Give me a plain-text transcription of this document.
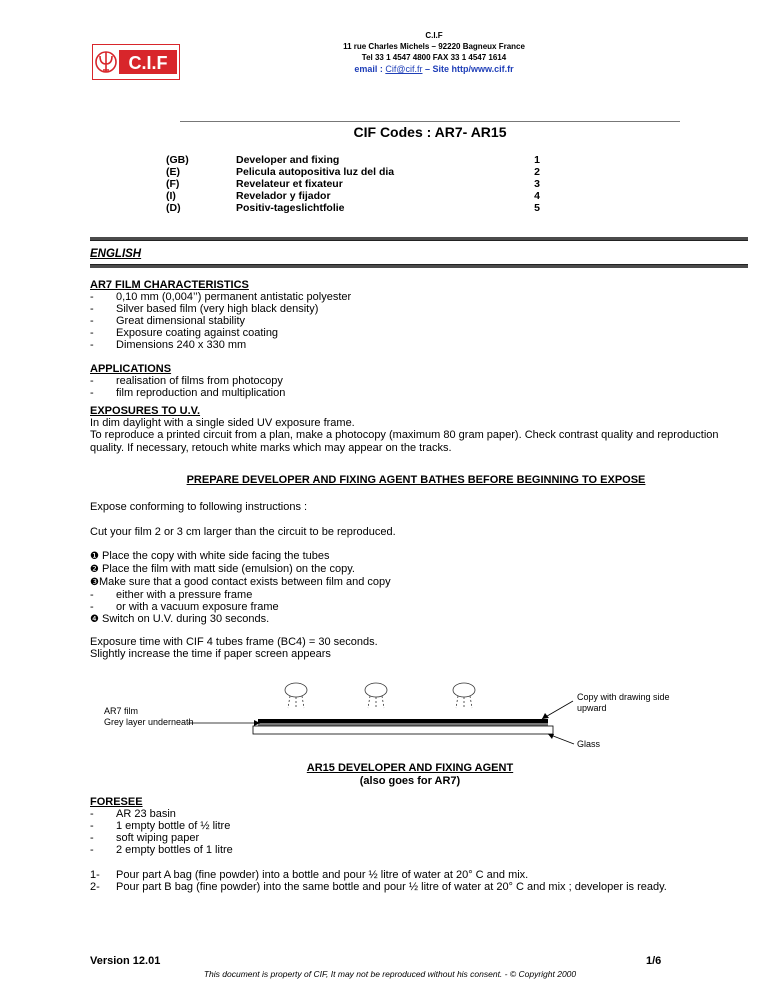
C.I.F
C.I.F
11 rue Charles Michels – 92220 Bagneux France
Tel 33 1 4547 4800 FAX 33 1 4547 1614
email : Cif@cif.fr – Site http/www.cif.fr
CIF Codes : AR7- AR15
(GB)	Developer and fixing	1
(E)	Pelicula autopositiva luz del dia	2
(F)	Revelateur et fixateur	3
(I)	Revelador y fijador	4
(D)	Positiv-tageslichtfolie	5
ENGLISH
AR7 FILM CHARACTERISTICS
-	0,10 mm (0,004’’) permanent antistatic polyester
-	Silver based film (very high black density)
-	Great dimensional stability
-	Exposure coating against coating
-	Dimensions 240 x 330 mm
APPLICATIONS
-	realisation of films from photocopy
-	film reproduction and multiplication
EXPOSURES TO U.V.
In dim daylight with a single sided UV exposure frame.
To reproduce a printed circuit from a plan, make a photocopy (maximum 80 gram paper). Check contrast quality and reproduction quality. If necessary, retouch white marks which may appear on the tracks.
PREPARE DEVELOPER AND FIXING AGENT BATHES BEFORE BEGINNING TO EXPOSE
Expose conforming to following instructions :
Cut your film 2 or 3 cm larger than the circuit to be reproduced.
❶ Place the copy with white side facing the tubes
❷ Place the film with matt side (emulsion) on the copy.
❸Make sure that a good contact exists between film and copy
-	either with a pressure frame
-	or with a vacuum exposure frame
❹ Switch on U.V. during 30 seconds.
Exposure time with CIF 4 tubes frame (BC4) = 30 seconds.
Slightly increase the time if paper screen appears
AR7 film
Grey layer underneath
Copy with drawing side
upward
Glass
AR15 DEVELOPER AND FIXING AGENT
(also goes for AR7)
FORESEE
-	AR 23 basin
-	1 empty bottle of ½ litre
-	soft wiping paper
-	2 empty bottles of 1 litre
1-	Pour part A bag (fine powder) into a bottle and pour ½ litre of water at 20° C and mix.
2-	Pour part B bag (fine powder) into the same bottle and pour ½ litre of water at 20° C and mix ; developer is ready.
Version 12.01	1/6
This document is property of CIF, It may not be reproduced without his consent. - © Copyright 2000
